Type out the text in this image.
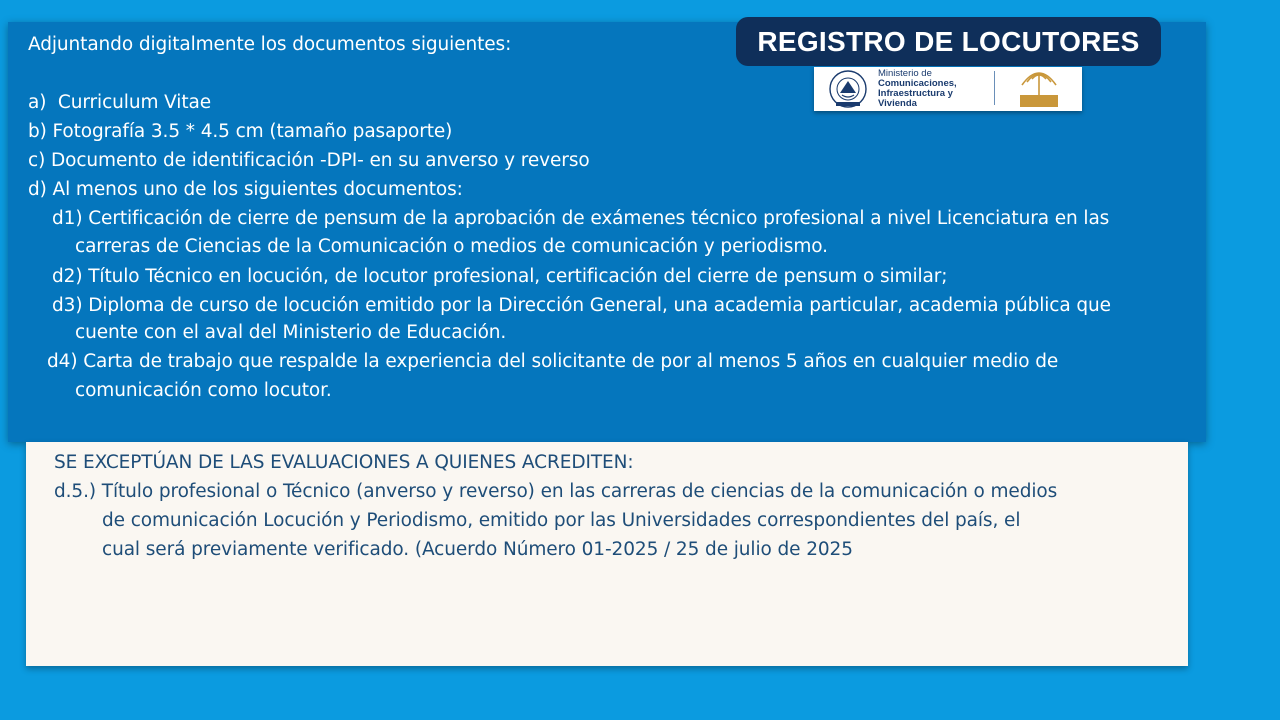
Adjuntando digitalmente los documentos siguientes:

a) Curriculum Vitae

b) Fotografía 3.5 * 4.5 cm (tamaño pasaporte)

c) Documento de identificación -DPI- en su anverso y reverso

d) Al menos uno de los siguientes documentos:

d1) Certificación de cierre de pensum de la aprobación de exámenes técnico profesional a nivel Licenciatura en las

carreras de Ciencias de la Comunicación o medios de comunicación y periodismo.

d2) Título Técnico en locución, de locutor profesional, certificación del cierre de pensum o similar;

d3) Diploma de curso de locución emitido por la Dirección General, una academia particular, academia pública que

cuente con el aval del Ministerio de Educación.

d4) Carta de trabajo que respalde la experiencia del solicitante de por al menos 5 años en cualquier medio de

comunicación como locutor.

REGISTRO DE LOCUTORES
Ministerio de
Comunicaciones,
Infraestructura y
Vivienda

SE EXCEPTÚAN DE LAS EVALUACIONES A QUIENES ACREDITEN:

d.5.) Título profesional o Técnico (anverso y reverso) en las carreras de ciencias de la comunicación o medios

de comunicación Locución y Periodismo, emitido por las Universidades correspondientes del país, el

cual será previamente verificado. (Acuerdo Número 01-2025 / 25 de julio de 2025
